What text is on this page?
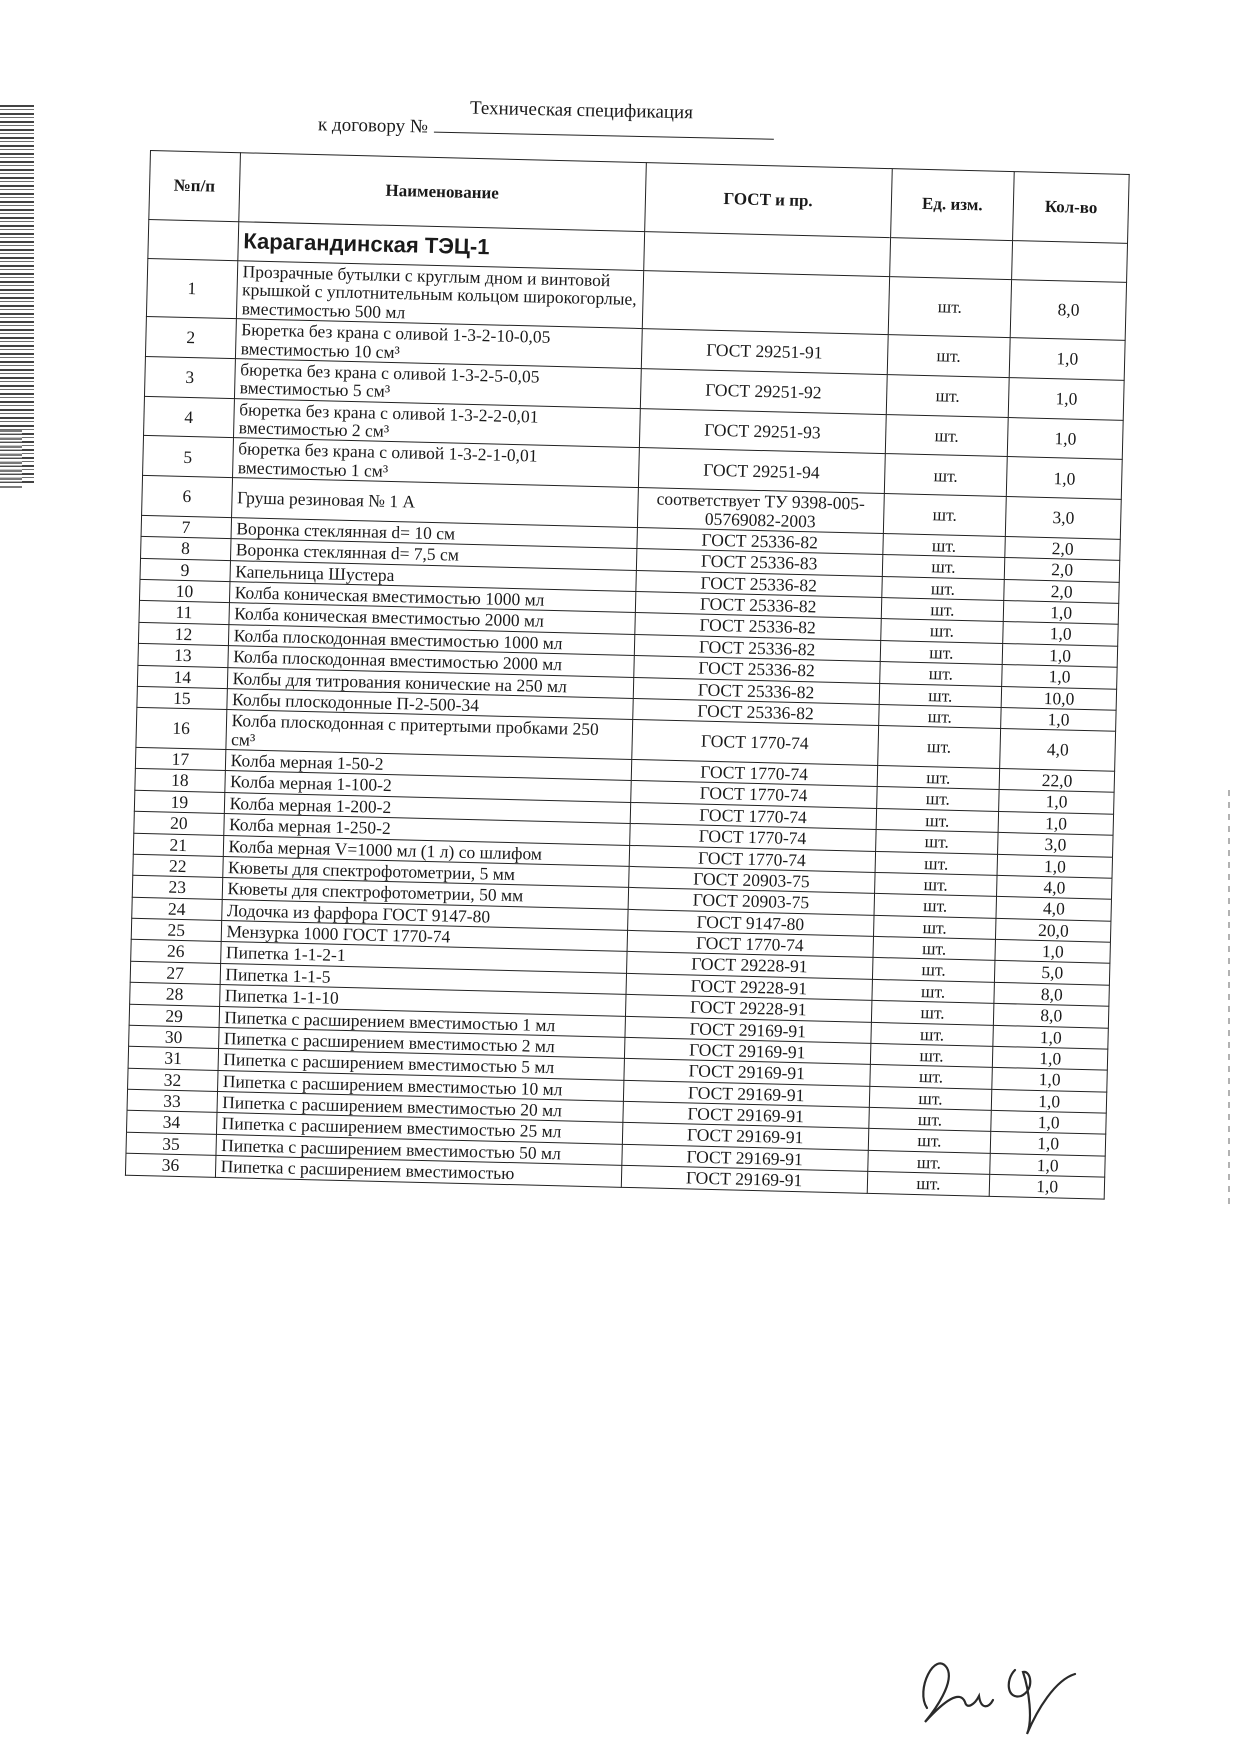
Техническая спецификация
к договору №
№п/п	Наименование	ГОСТ и пр.	Ед. изм.	Кол-во
	Карагандинская ТЭЦ-1			
1	Прозрачные бутылки с круглым дном и винтовой крышкой с уплотнительным кольцом широкогорлые, вместимостью 500 мл		шт.	8,0
2	Бюретка без крана с оливой 1-3-2-10-0,05 вместимостью 10 см³	ГОСТ 29251-91	шт.	1,0
3	бюретка без крана с оливой 1-3-2-5-0,05 вместимостью 5 см³	ГОСТ 29251-92	шт.	1,0
4	бюретка без крана с оливой 1-3-2-2-0,01 вместимостью 2 см³	ГОСТ 29251-93	шт.	1,0
5	бюретка без крана с оливой 1-3-2-1-0,01 вместимостью 1 см³	ГОСТ 29251-94	шт.	1,0
6	Груша резиновая № 1 А	соответствует ТУ 9398-005-05769082-2003	шт.	3,0
7	Воронка стеклянная d= 10 см	ГОСТ 25336-82	шт.	2,0
8	Воронка стеклянная d= 7,5 см	ГОСТ 25336-83	шт.	2,0
9	Капельница Шустера	ГОСТ 25336-82	шт.	2,0
10	Колба коническая вместимостью 1000 мл	ГОСТ 25336-82	шт.	1,0
11	Колба коническая вместимостью 2000 мл	ГОСТ 25336-82	шт.	1,0
12	Колба плоскодонная вместимостью 1000 мл	ГОСТ 25336-82	шт.	1,0
13	Колба плоскодонная вместимостью 2000 мл	ГОСТ 25336-82	шт.	1,0
14	Колбы для титрования конические на 250 мл	ГОСТ 25336-82	шт.	10,0
15	Колбы плоскодонные П-2-500-34	ГОСТ 25336-82	шт.	1,0
16	Колба плоскодонная с притертыми пробками 250 см³	ГОСТ 1770-74	шт.	4,0
17	Колба мерная 1-50-2	ГОСТ 1770-74	шт.	22,0
18	Колба мерная 1-100-2	ГОСТ 1770-74	шт.	1,0
19	Колба мерная 1-200-2	ГОСТ 1770-74	шт.	1,0
20	Колба мерная 1-250-2	ГОСТ 1770-74	шт.	3,0
21	Колба мерная V=1000 мл (1 л) со шлифом	ГОСТ 1770-74	шт.	1,0
22	Кюветы для спектрофотометрии, 5 мм	ГОСТ 20903-75	шт.	4,0
23	Кюветы для спектрофотометрии, 50 мм	ГОСТ 20903-75	шт.	4,0
24	Лодочка из фарфора ГОСТ 9147-80	ГОСТ 9147-80	шт.	20,0
25	Мензурка 1000 ГОСТ 1770-74	ГОСТ 1770-74	шт.	1,0
26	Пипетка 1-1-2-1	ГОСТ 29228-91	шт.	5,0
27	Пипетка 1-1-5	ГОСТ 29228-91	шт.	8,0
28	Пипетка 1-1-10	ГОСТ 29228-91	шт.	8,0
29	Пипетка с расширением вместимостью 1 мл	ГОСТ 29169-91	шт.	1,0
30	Пипетка с расширением вместимостью 2 мл	ГОСТ 29169-91	шт.	1,0
31	Пипетка с расширением вместимостью 5 мл	ГОСТ 29169-91	шт.	1,0
32	Пипетка с расширением вместимостью 10 мл	ГОСТ 29169-91	шт.	1,0
33	Пипетка с расширением вместимостью 20 мл	ГОСТ 29169-91	шт.	1,0
34	Пипетка с расширением вместимостью 25 мл	ГОСТ 29169-91	шт.	1,0
35	Пипетка с расширением вместимостью 50 мл	ГОСТ 29169-91	шт.	1,0
36	Пипетка с расширением вместимостью	ГОСТ 29169-91	шт.	1,0
